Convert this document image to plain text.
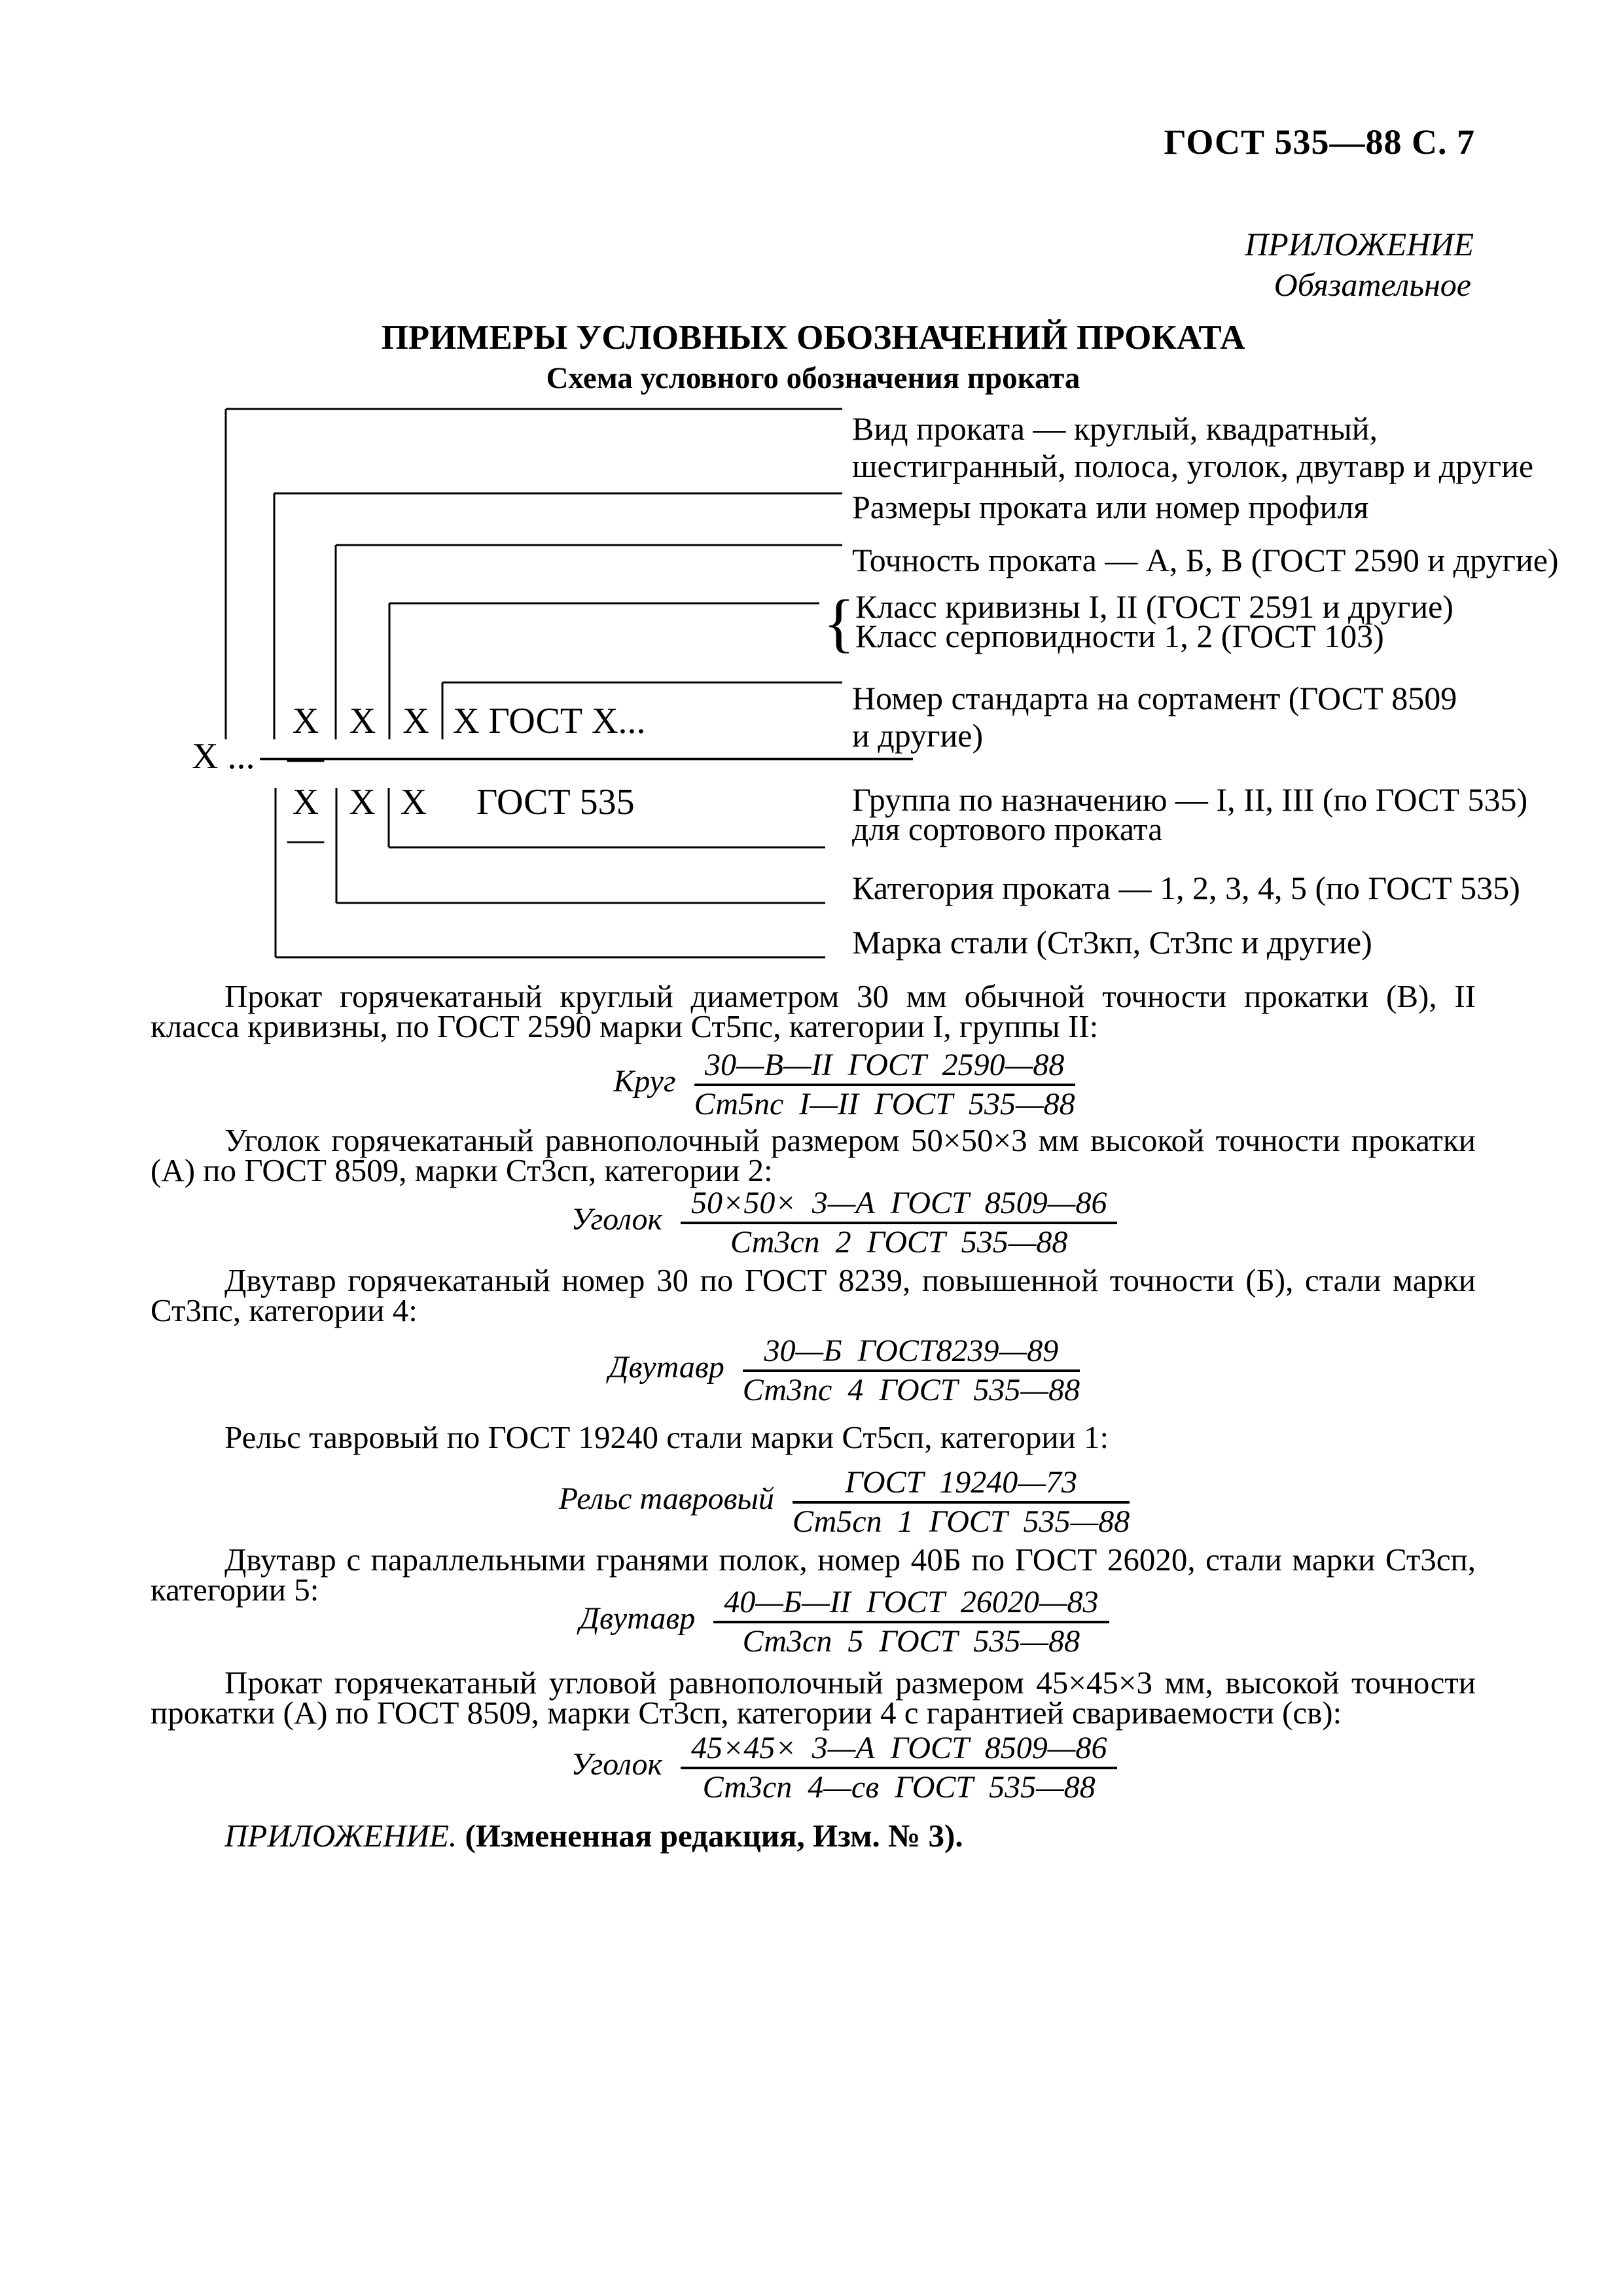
ГОСТ 535—88 С. 7
ПРИЛОЖЕНИЕ
Обязательное
ПРИМЕРЫ УСЛОВНЫХ ОБОЗНАЧЕНИЙ ПРОКАТА
Схема условного обозначения проката
X ...
X—
X X X ГОСТ X...
X—
X X	ГОСТ 535
Вид проката — круглый, квадратный,
шестигранный, полоса, уголок, двутавр и другие
Размеры проката или номер профиля
Точность проката — А, Б, В (ГОСТ 2590 и другие)
{ Класс кривизны I, II (ГОСТ 2591 и другие)
Класс серповидности 1, 2 (ГОСТ 103)
Номер стандарта на сортамент (ГОСТ 8509
и другие)
Группа по назначению — I, II, III (по ГОСТ 535)
для сортового проката
Категория проката — 1, 2, 3, 4, 5 (по ГОСТ 535)
Марка стали (Ст3кп, Ст3пс и другие)
Прокат горячекатаный круглый диаметром 30 мм обычной точности прокатки (В), II класса кривизны, по ГОСТ 2590 марки Ст5пс, категории I, группы II:
Круг $\frac{\text{30—В—II ГОСТ 2590—88}}{\text{Ст5пс I—II ГОСТ 535—88}}$
Уголок горячекатаный равнополочный размером 50×50×3 мм высокой точности прокатки (А) по ГОСТ 8509, марки Ст3сп, категории 2:
Уголок $\frac{\text{50×50× 3—А ГОСТ 8509—86}}{\text{Ст3сп 2 ГОСТ 535—88}}$
Двутавр горячекатаный номер 30 по ГОСТ 8239, повышенной точности (Б), стали марки Ст3пс, категории 4:
Двутавр $\frac{\text{30—Б ГОСТ8239—89}}{\text{Ст3пс 4 ГОСТ 535—88}}$
Рельс тавровый по ГОСТ 19240 стали марки Ст5сп, категории 1:
Рельс тавровый $\frac{\text{ГОСТ 19240—73}}{\text{Ст5сп 1 ГОСТ 535—88}}$
Двутавр с параллельными гранями полок, номер 40Б по ГОСТ 26020, стали марки Ст3сп, категории 5:
Двутавр $\frac{\text{40—Б—II ГОСТ 26020—83}}{\text{Ст3сп 5 ГОСТ 535—88}}$
Прокат горячекатаный угловой равнополочный размером 45×45×3 мм, высокой точности прокатки (А) по ГОСТ 8509, марки Ст3сп, категории 4 с гарантией свариваемости (св):
Уголок $\frac{\text{45×45× 3—А ГОСТ 8509—86}}{\text{Ст3сп 4—св ГОСТ 535—88}}$
ПРИЛОЖЕНИЕ. (Измененная редакция, Изм. № 3).
